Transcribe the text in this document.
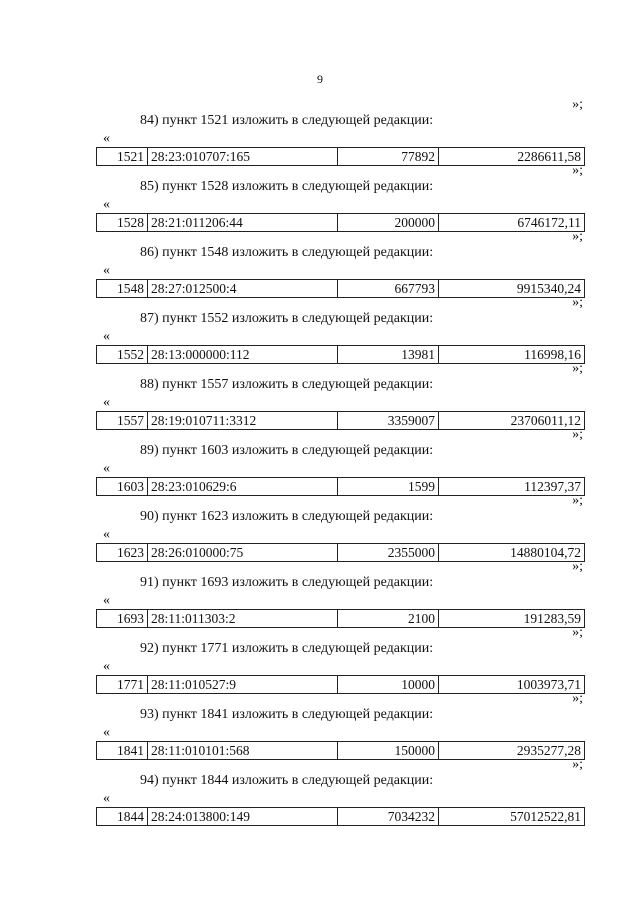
9
»;
84) пункт 1521 изложить в следующей редакции:
«
1521	28:23:010707:165	77892	2286611,58
»;
85) пункт 1528 изложить в следующей редакции:
«
1528	28:21:011206:44	200000	6746172,11
»;
86) пункт 1548 изложить в следующей редакции:
«
1548	28:27:012500:4	667793	9915340,24
»;
87) пункт 1552 изложить в следующей редакции:
«
1552	28:13:000000:112	13981	116998,16
»;
88) пункт 1557 изложить в следующей редакции:
«
1557	28:19:010711:3312	3359007	23706011,12
»;
89) пункт 1603 изложить в следующей редакции:
«
1603	28:23:010629:6	1599	112397,37
»;
90) пункт 1623 изложить в следующей редакции:
«
1623	28:26:010000:75	2355000	14880104,72
»;
91) пункт 1693 изложить в следующей редакции:
«
1693	28:11:011303:2	2100	191283,59
»;
92) пункт 1771 изложить в следующей редакции:
«
1771	28:11:010527:9	10000	1003973,71
»;
93) пункт 1841 изложить в следующей редакции:
«
1841	28:11:010101:568	150000	2935277,28
»;
94) пункт 1844 изложить в следующей редакции:
«
1844	28:24:013800:149	7034232	57012522,81
